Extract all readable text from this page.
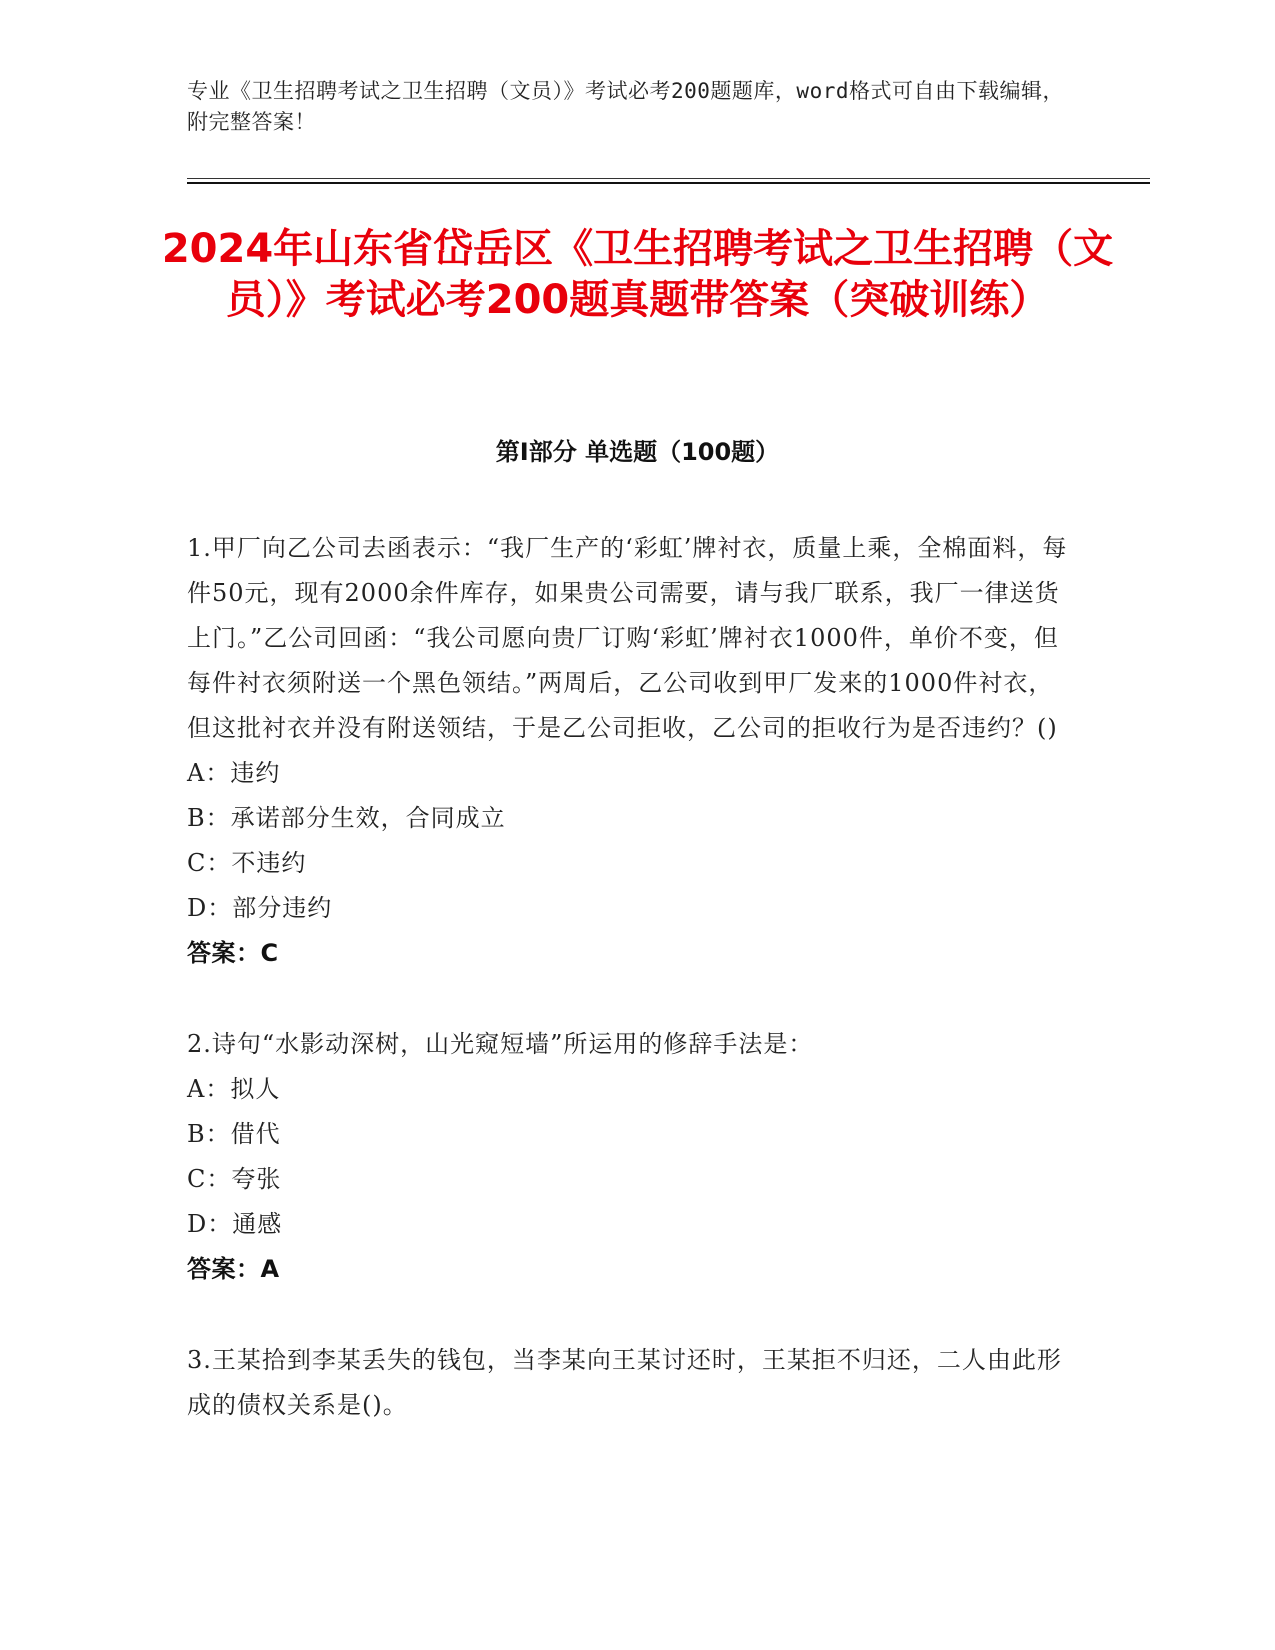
专业《卫生招聘考试之卫生招聘（文员）》考试必考200题题库，word格式可自由下载编辑，附完整答案！
2024年山东省岱岳区《卫生招聘考试之卫生招聘（文员）》考试必考200题真题带答案（突破训练）
第Ⅰ部分 单选题（100题）
1.甲厂向乙公司去函表示：“我厂生产的‘彩虹’牌衬衣，质量上乘，全棉面料，每件50元，现有2000余件库存，如果贵公司需要，请与我厂联系，我厂一律送货上门。”乙公司回函：“我公司愿向贵厂订购‘彩虹’牌衬衣1000件，单价不变，但每件衬衣须附送一个黑色领结。”两周后，乙公司收到甲厂发来的1000件衬衣，但这批衬衣并没有附送领结，于是乙公司拒收，乙公司的拒收行为是否违约？()
A：违约
B：承诺部分生效，合同成立
C：不违约
D：部分违约
答案：C
2.诗句“水影动深树，山光窥短墙”所运用的修辞手法是：
A：拟人
B：借代
C：夸张
D：通感
答案：A
3.王某拾到李某丢失的钱包，当李某向王某讨还时，王某拒不归还，二人由此形成的债权关系是()。
